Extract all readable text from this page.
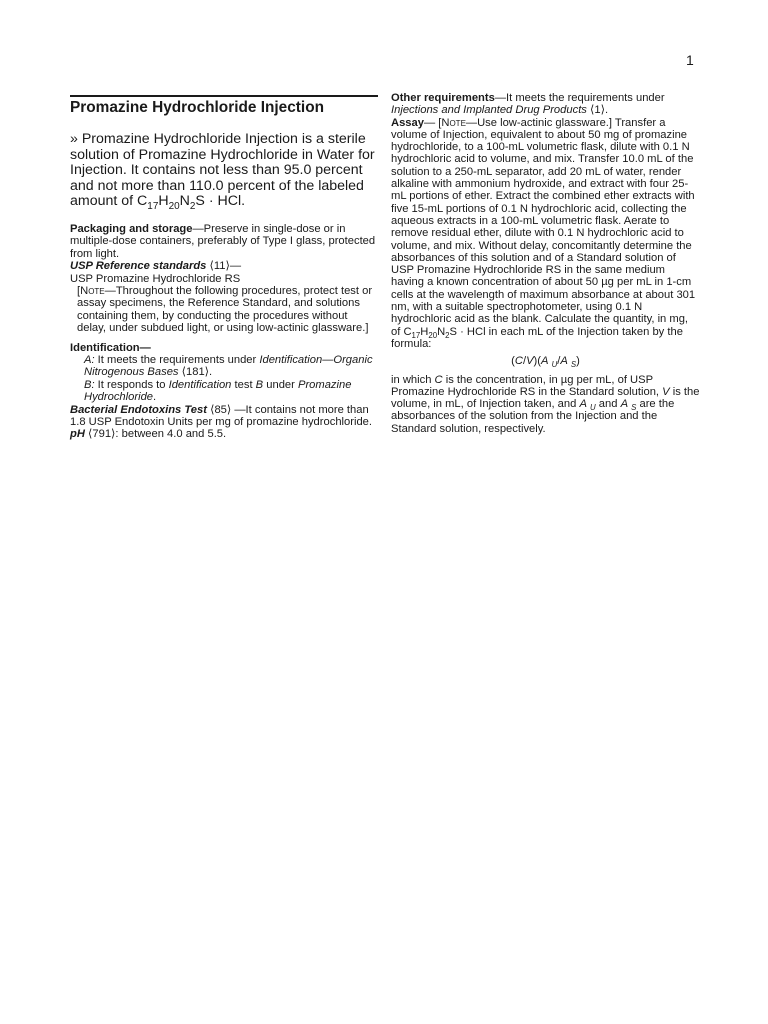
1
Promazine Hydrochloride Injection

» Promazine Hydrochloride Injection is a sterile solution of Promazine Hydrochloride in Water for Injection. It contains not less than 95.0 percent and not more than 110.0 percent of the labeled amount of $C_{17}H_{20}N_2S$ · HCl.

Packaging and storage—Preserve in single-dose or in multiple-dose containers, preferably of Type I glass, protected from light.

USP Reference standards ⟨11⟩—

USP Promazine Hydrochloride RS

[Note—Throughout the following procedures, protect test or assay specimens, the Reference Standard, and solutions containing them, by conducting the procedures without delay, under subdued light, or using low-actinic glassware.]

Identification—

A: It meets the requirements under Identification—Organic Nitrogenous Bases ⟨181⟩.

B: It responds to Identification test B under Promazine Hydrochloride.

Bacterial Endotoxins Test ⟨85⟩ —It contains not more than 1.8 USP Endotoxin Units per mg of promazine hydrochloride.

pH ⟨791⟩: between 4.0 and 5.5.

Other requirements—It meets the requirements under Injections and Implanted Drug Products ⟨1⟩.

Assay— [Note—Use low-actinic glassware.] Transfer a volume of Injection, equivalent to about 50 mg of promazine hydrochloride, to a 100-mL volumetric flask, dilute with 0.1 N hydrochloric acid to volume, and mix. Transfer 10.0 mL of the solution to a 250-mL separator, add 20 mL of water, render alkaline with ammonium hydroxide, and extract with four 25-mL portions of ether. Extract the combined ether extracts with five 15-mL portions of 0.1 N hydrochloric acid, collecting the aqueous extracts in a 100-mL volumetric flask. Aerate to remove residual ether, dilute with 0.1 N hydrochloric acid to volume, and mix. Without delay, concomitantly determine the absorbances of this solution and of a Standard solution of USP Promazine Hydrochloride RS in the same medium having a known concentration of about 50 µg per mL in 1-cm cells at the wavelength of maximum absorbance at about 301 nm, with a suitable spectrophotometer, using 0.1 N hydrochloric acid as the blank. Calculate the quantity, in mg, of $C_{17}H_{20}N_2S$ · HCl in each mL of the Injection taken by the formula:

(C/V)(A $_U$/A $_S$)

in which C is the concentration, in µg per mL, of USP Promazine Hydrochloride RS in the Standard solution, V is the volume, in mL, of Injection taken, and A $_U$ and A $_S$ are the absorbances of the solution from the Injection and the Standard solution, respectively.
